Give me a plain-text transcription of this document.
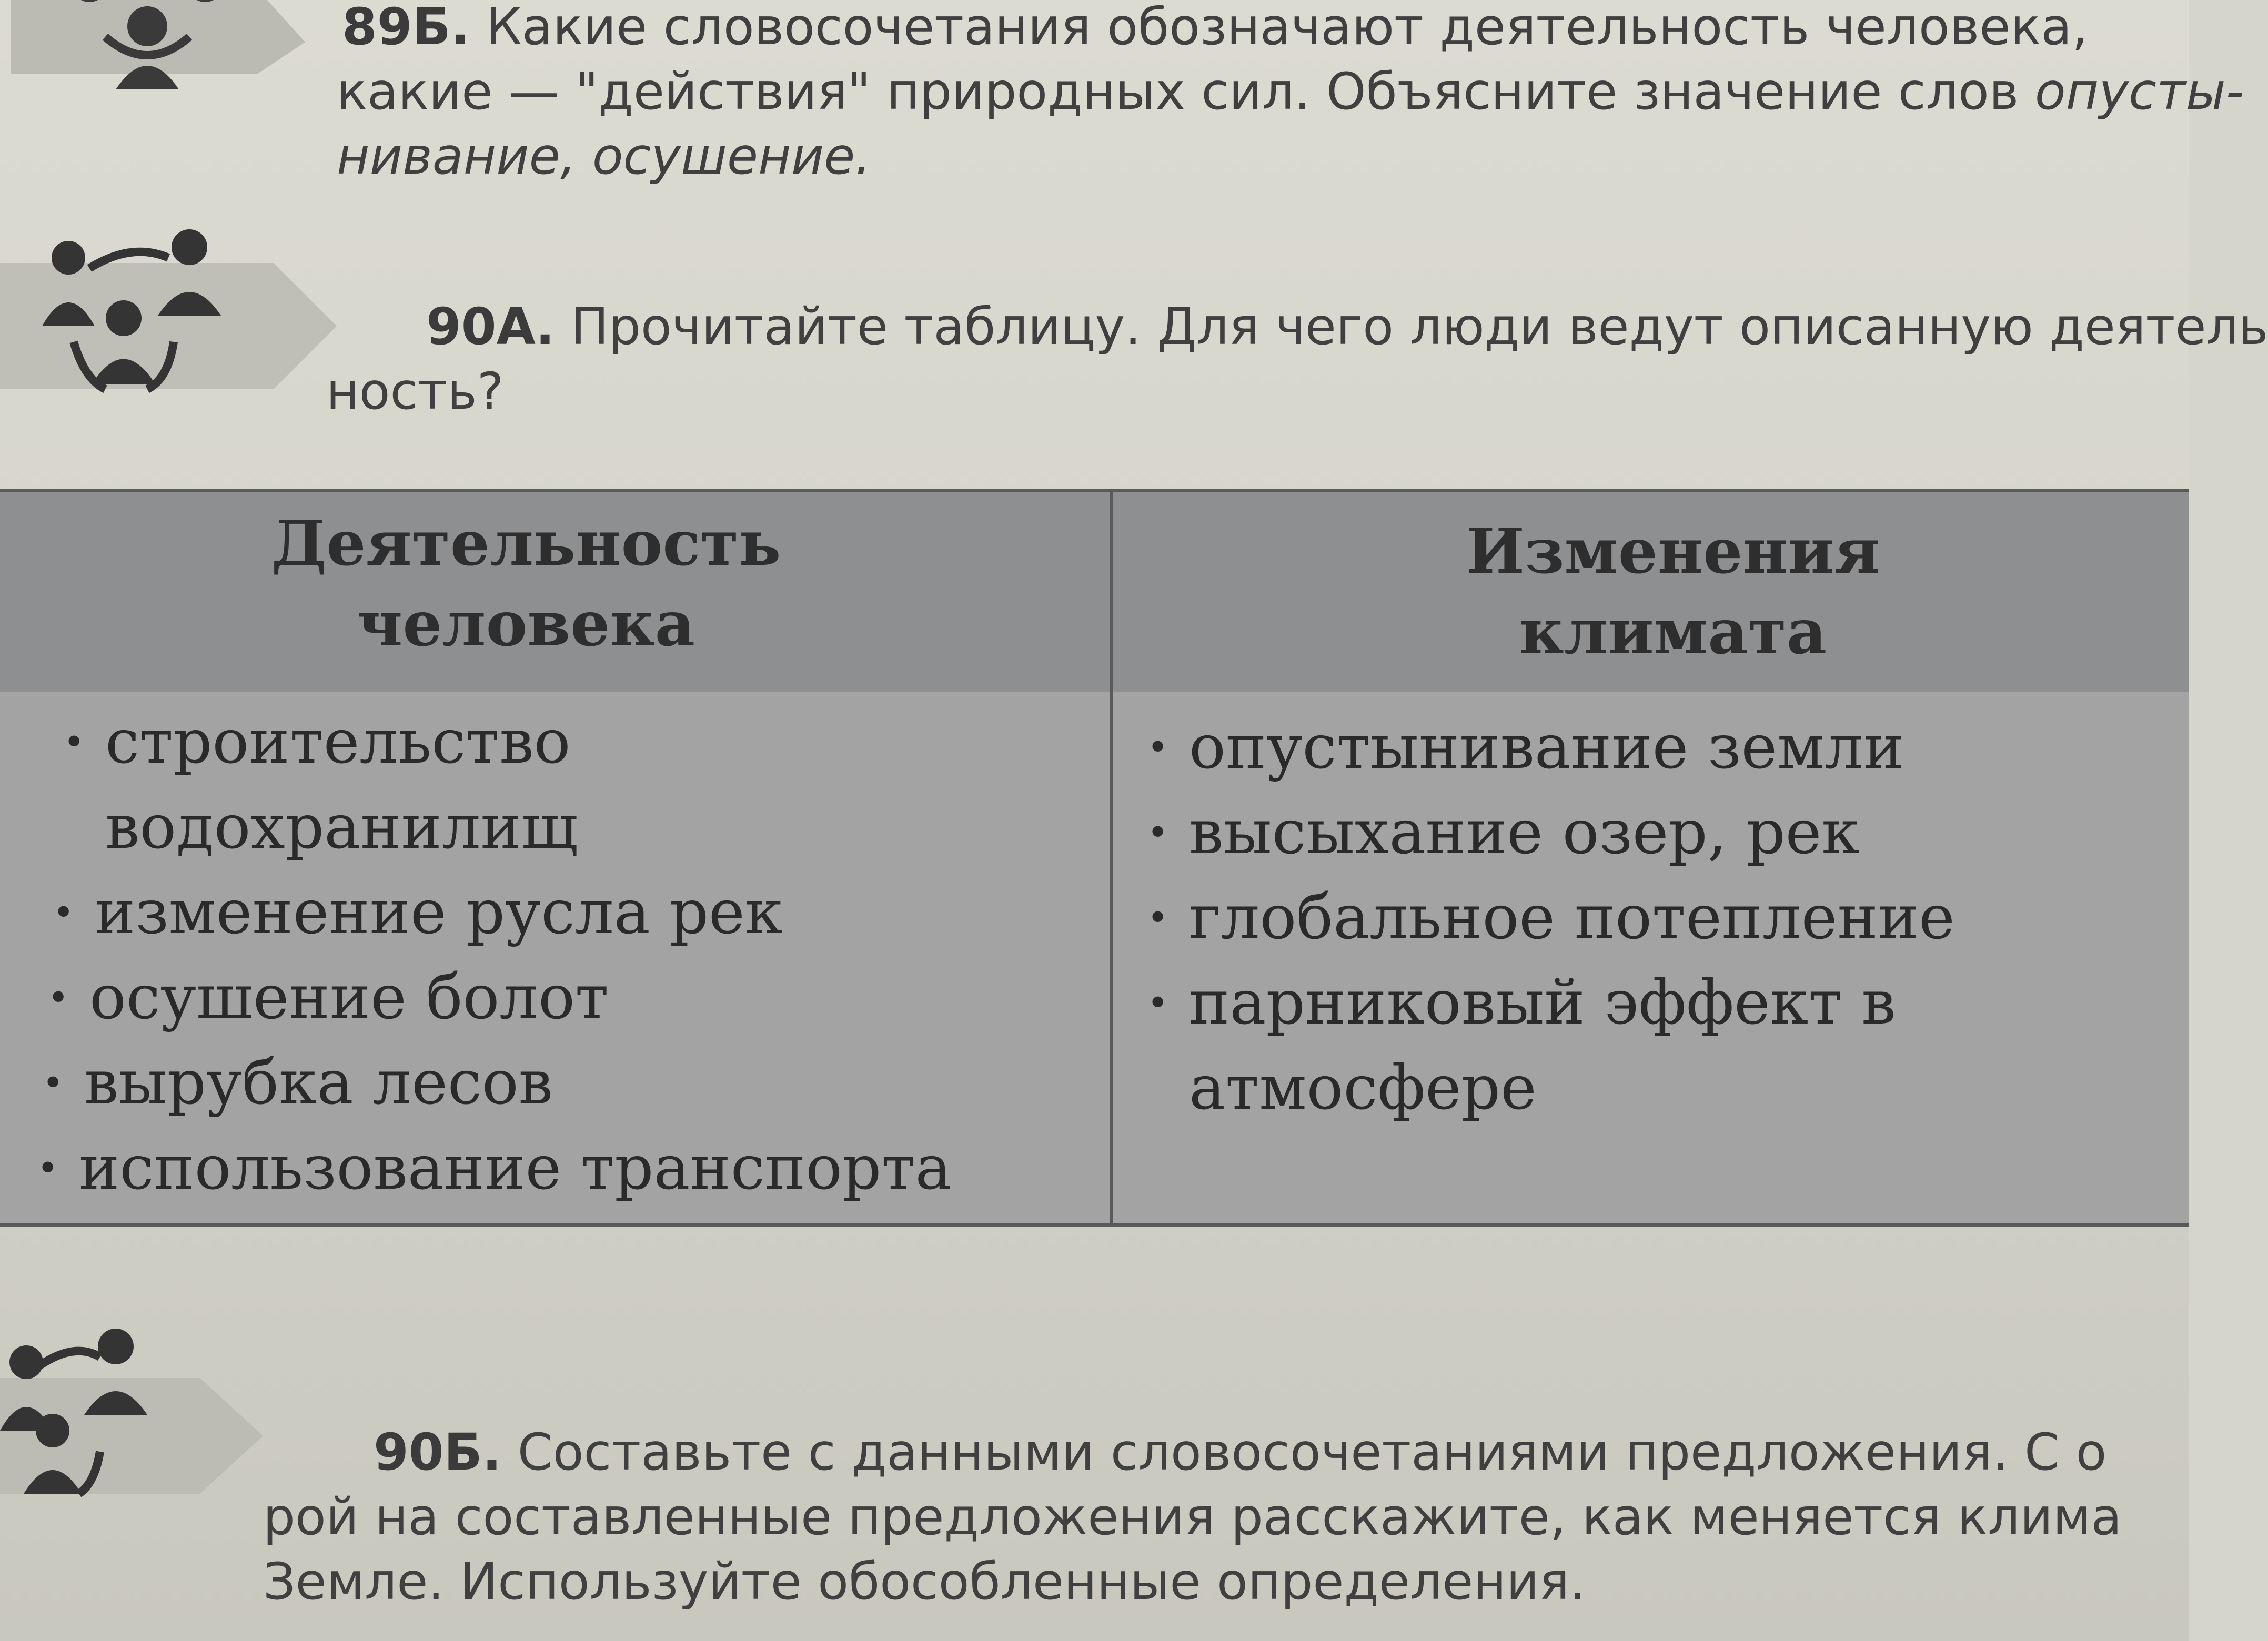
89Б. Какие словосочетания обозначают деятельность человека,
какие — "действия" природных сил. Объясните значение слов опусты-
нивание, осушение.
90А. Прочитайте таблицу. Для чего люди ведут описанную деятель
ность?
Деятельность
человека
Изменения
климата
• строительство
водохранилищ
• изменение русла рек
• осушение болот
• вырубка лесов
• использование транспорта
• опустынивание земли
• высыхание озер, рек
• глобальное потепление
• парниковый эффект в
атмосфере
90Б. Составьте с данными словосочетаниями предложения. С о
рой на составленные предложения расскажите, как меняется клима
Земле. Используйте обособленные определения.
